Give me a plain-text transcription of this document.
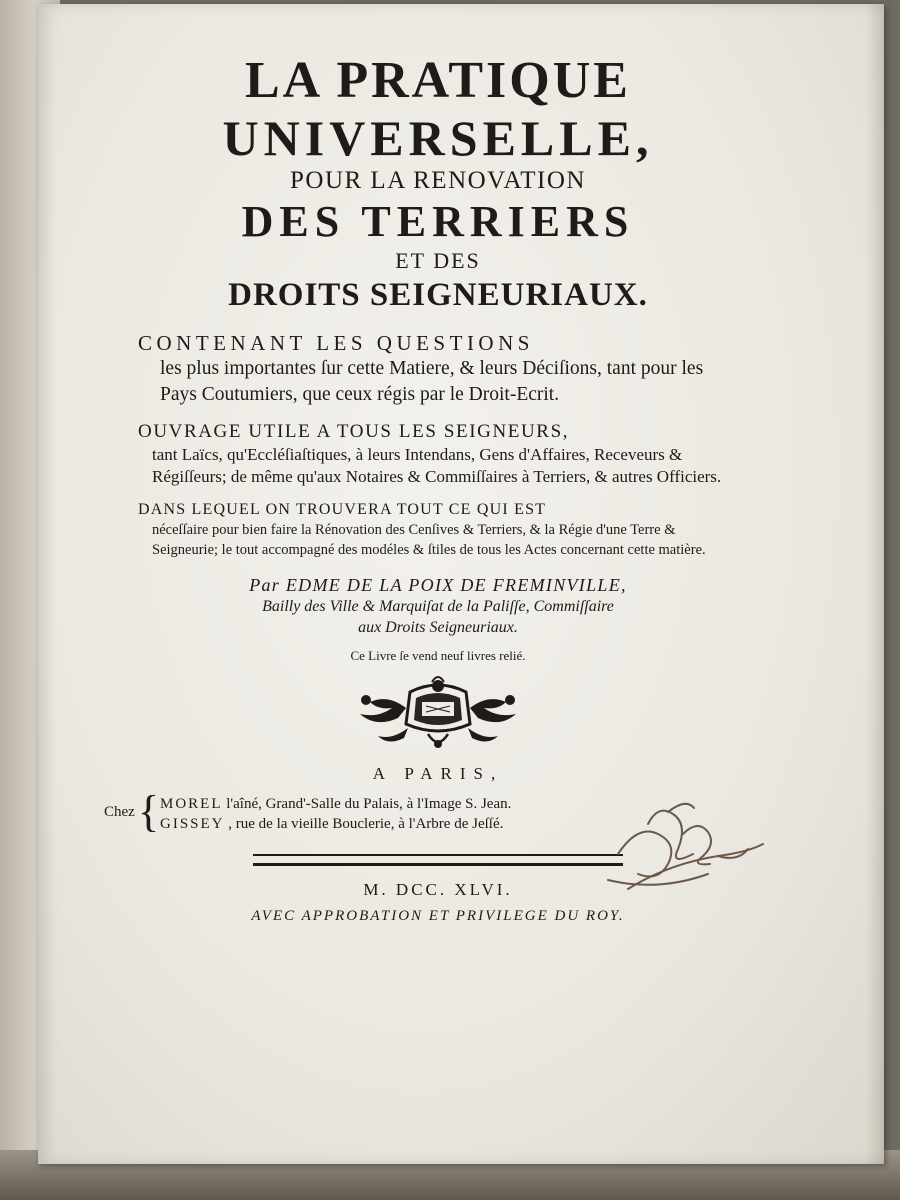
LA PRATIQUE

UNIVERSELLE,

POUR LA RENOVATION

DES TERRIERS

ET DES

DROITS SEIGNEURIAUX.

CONTENANT LES QUESTIONS
les plus importantes ſur cette Matiere, & leurs Déciſions, tant pour les Pays Coutumiers, que ceux régis par le Droit-Ecrit.
OUVRAGE UTILE A TOUS LES SEIGNEURS,
tant Laïcs, qu'Eccléſiaſtiques, à leurs Intendans, Gens d'Affaires, Receveurs & Régiſſeurs; de même qu'aux Notaires & Commiſſaires à Terriers, & autres Officiers.
DANS LEQUEL ON TROUVERA TOUT CE QUI EST
néceſſaire pour bien faire la Rénovation des Cenſives & Terriers, & la Régie d'une Terre & Seigneurie; le tout accompagné des modéles & ſtiles de tous les Actes concernant cette matière.
Par EDME DE LA POIX DE FREMINVILLE,
Bailly des Ville & Marquiſat de la Paliſſe, Commiſſaire
aux Droits Seigneuriaux.
Ce Livre ſe vend neuf livres relié.
A PARIS,
Chez { MOREL l'aîné, Grand'-Salle du Palais, à l'Image S. Jean.
GISSEY , rue de la vieille Bouclerie, à l'Arbre de Jeſſé.
M. DCC. XLVI.
AVEC APPROBATION ET PRIVILEGE DU ROY.
